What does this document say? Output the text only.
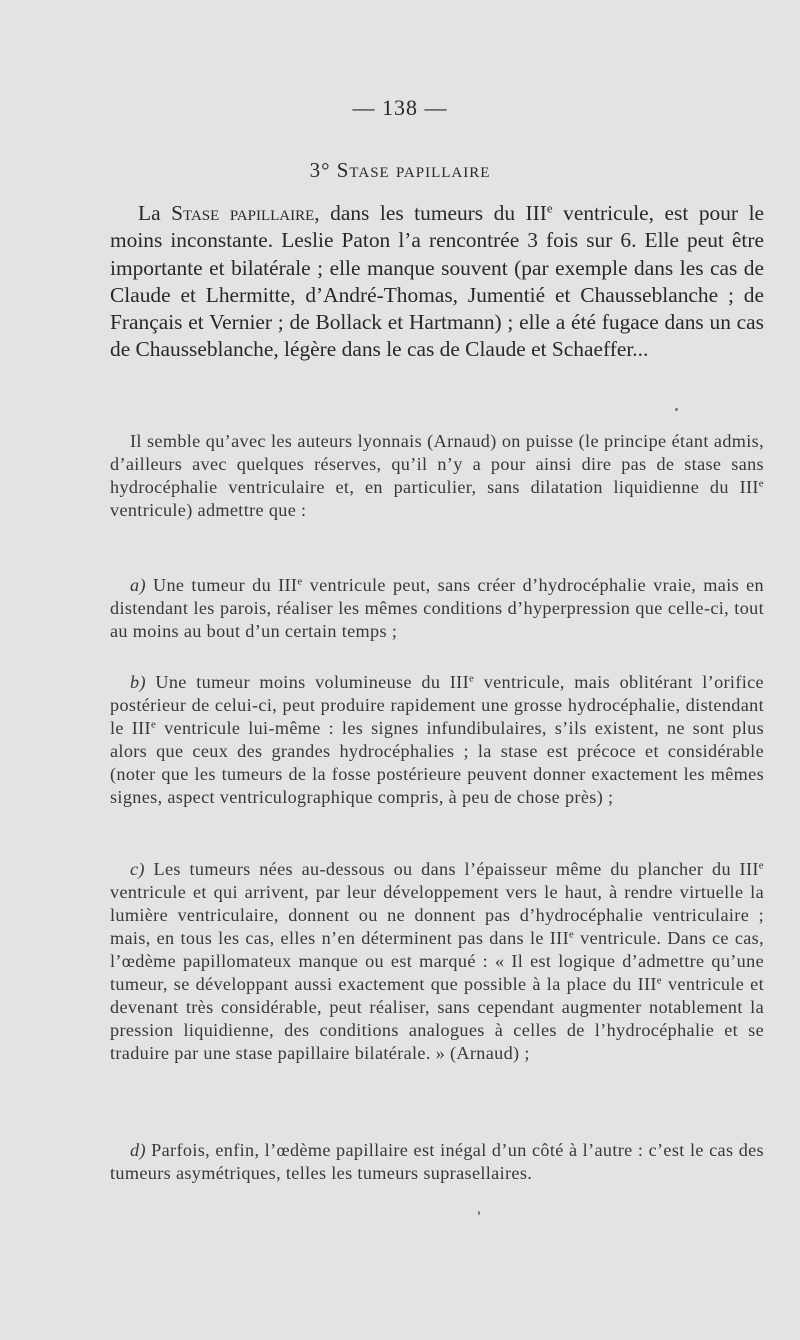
— 138 —
3° Stase papillaire
La Stase papillaire, dans les tumeurs du IIIe ventricule, est pour le moins inconstante. Leslie Paton l’a rencontrée 3 fois sur 6. Elle peut être importante et bilatérale ; elle manque souvent (par exemple dans les cas de Claude et Lhermitte, d’André-Thomas, Jumentié et Chausseblanche ; de Français et Vernier ; de Bollack et Hartmann) ; elle a été fugace dans un cas de Chausseblanche, légère dans le cas de Claude et Schaeffer...
Il semble qu’avec les auteurs lyonnais (Arnaud) on puisse (le principe étant admis, d’ailleurs avec quelques réserves, qu’il n’y a pour ainsi dire pas de stase sans hydrocéphalie ventriculaire et, en particulier, sans dilatation liquidienne du IIIe ventricule) admettre que :
a) Une tumeur du IIIe ventricule peut, sans créer d’hydrocéphalie vraie, mais en distendant les parois, réaliser les mêmes conditions d’hyperpression que celle-ci, tout au moins au bout d’un certain temps ;
b) Une tumeur moins volumineuse du IIIe ventricule, mais oblitérant l’orifice postérieur de celui-ci, peut produire rapidement une grosse hydrocéphalie, distendant le IIIe ventricule lui-même : les signes infundibulaires, s’ils existent, ne sont plus alors que ceux des grandes hydrocéphalies ; la stase est précoce et considérable (noter que les tumeurs de la fosse postérieure peuvent donner exactement les mêmes signes, aspect ventriculographique compris, à peu de chose près) ;
c) Les tumeurs nées au-dessous ou dans l’épaisseur même du plancher du IIIe ventricule et qui arrivent, par leur développement vers le haut, à rendre virtuelle la lumière ventriculaire, donnent ou ne donnent pas d’hydrocéphalie ventriculaire ; mais, en tous les cas, elles n’en déterminent pas dans le IIIe ventricule. Dans ce cas, l’œdème papillomateux manque ou est marqué : « Il est logique d’admettre qu’une tumeur, se développant aussi exactement que possible à la place du IIIe ventricule et devenant très considérable, peut réaliser, sans cependant augmenter notablement la pression liquidienne, des conditions analogues à celles de l’hydrocéphalie et se traduire par une stase papillaire bilatérale. » (Arnaud) ;
d) Parfois, enfin, l’œdème papillaire est inégal d’un côté à l’autre : c’est le cas des tumeurs asymétriques, telles les tumeurs suprasellaires.
